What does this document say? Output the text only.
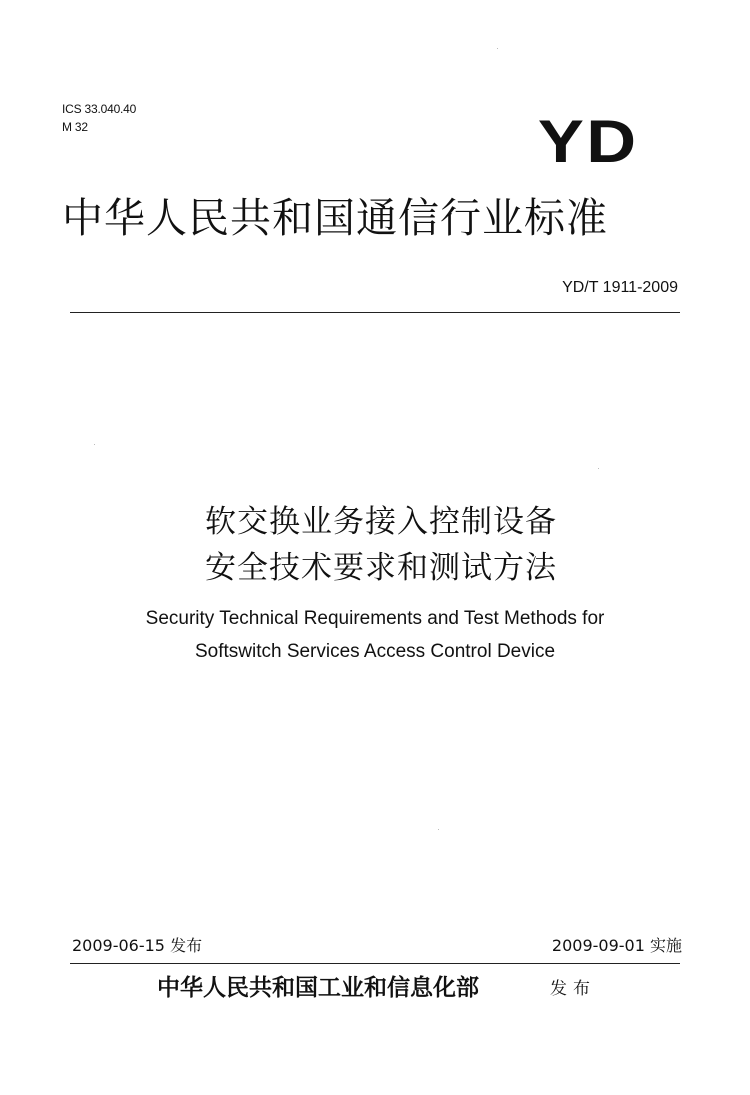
ICS 33.040.40
M 32	YD
中华人民共和国通信行业标准
YD/T 1911-2009
软交换业务接入控制设备
安全技术要求和测试方法
Security Technical Requirements and Test Methods for
Softswitch Services Access Control Device
2009-06-15 发布	2009-09-01 实施
中华人民共和国工业和信息化部	发布
